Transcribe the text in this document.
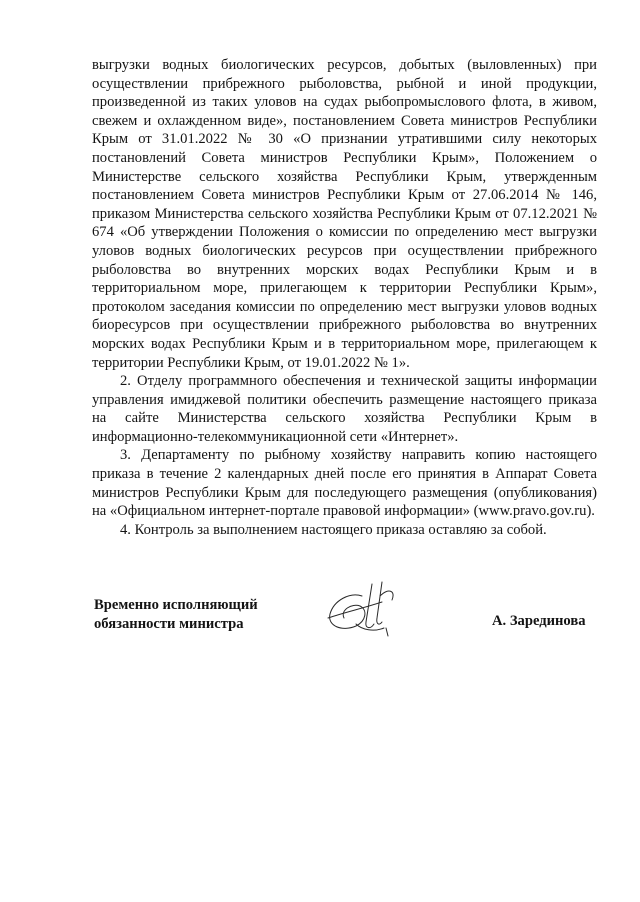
выгрузки водных биологических ресурсов, добытых (выловленных) при осуществлении прибрежного рыболовства, рыбной и иной продукции, произведенной из таких уловов на судах рыбопромыслового флота, в живом, свежем и охлажденном виде», постановлением Совета министров Республики Крым от 31.01.2022 № 30 «О признании утратившими силу некоторых постановлений Совета министров Республики Крым», Положением о Министерстве сельского хозяйства Республики Крым, утвержденным постановлением Совета министров Республики Крым от 27.06.2014 № 146, приказом Министерства сельского хозяйства Республики Крым от 07.12.2021 № 674 «Об утверждении Положения о комиссии по определению мест выгрузки уловов водных биологических ресурсов при осуществлении прибрежного рыболовства во внутренних морских водах Республики Крым и в территориальном море, прилегающем к территории Республики Крым», протоколом заседания комиссии по определению мест выгрузки уловов водных биоресурсов при осуществлении прибрежного рыболовства во внутренних морских водах Республики Крым и в территориальном море, прилегающем к территории Республики Крым, от 19.01.2022 № 1».

2. Отделу программного обеспечения и технической защиты информации управления имиджевой политики обеспечить размещение настоящего приказа на сайте Министерства сельского хозяйства Республики Крым в информационно-телекоммуникационной сети «Интернет».

3. Департаменту по рыбному хозяйству направить копию настоящего приказа в течение 2 календарных дней после его принятия в Аппарат Совета министров Республики Крым для последующего размещения (опубликования) на «Официальном интернет-портале правовой информации» (www.pravo.gov.ru).

4. Контроль за выполнением настоящего приказа оставляю за собой.

Временно исполняющий
обязанности министра	А. Зарединова
